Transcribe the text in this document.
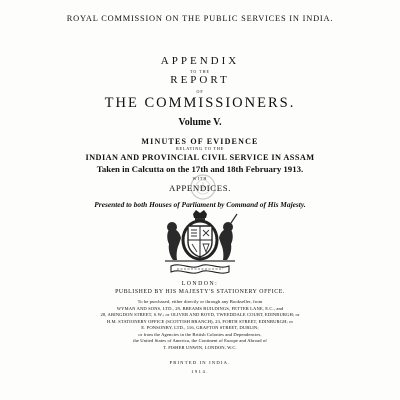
ROYAL COMMISSION ON THE PUBLIC SERVICES IN INDIA.
APPENDIX
TO THE
REPORT
OF
THE COMMISSIONERS.
Volume V.
MINUTES OF EVIDENCE
RELATING TO THE
INDIAN AND PROVINCIAL CIVIL SERVICE IN ASSAM
Taken in Calcutta on the 17th and 18th February 1913.
WITH
APPENDICES.
Presented to both Houses of Parliament by Command of His Majesty.
LONDON:
PUBLISHED BY HIS MAJESTY'S STATIONERY OFFICE.
To be purchased, either directly or through any Bookseller, from
WYMAN AND SONS, LTD., 29, BREAMS BUILDINGS, FETTER LANE, E.C., and
28, ABINGDON STREET, S.W.; or OLIVER AND BOYD, TWEEDDALE COURT, EDINBURGH; or
H.M. STATIONERY OFFICE (SCOTTISH BRANCH), 23, FORTH STREET, EDINBURGH; or
E. PONSONBY, LTD., 116, GRAFTON STREET, DUBLIN;
or from the Agencies in the British Colonies and Dependencies,
the United States of America, the Continent of Europe and Abroad of
T. FISHER UNWIN, LONDON, W.C.
PRINTED IN INDIA.
1914.
